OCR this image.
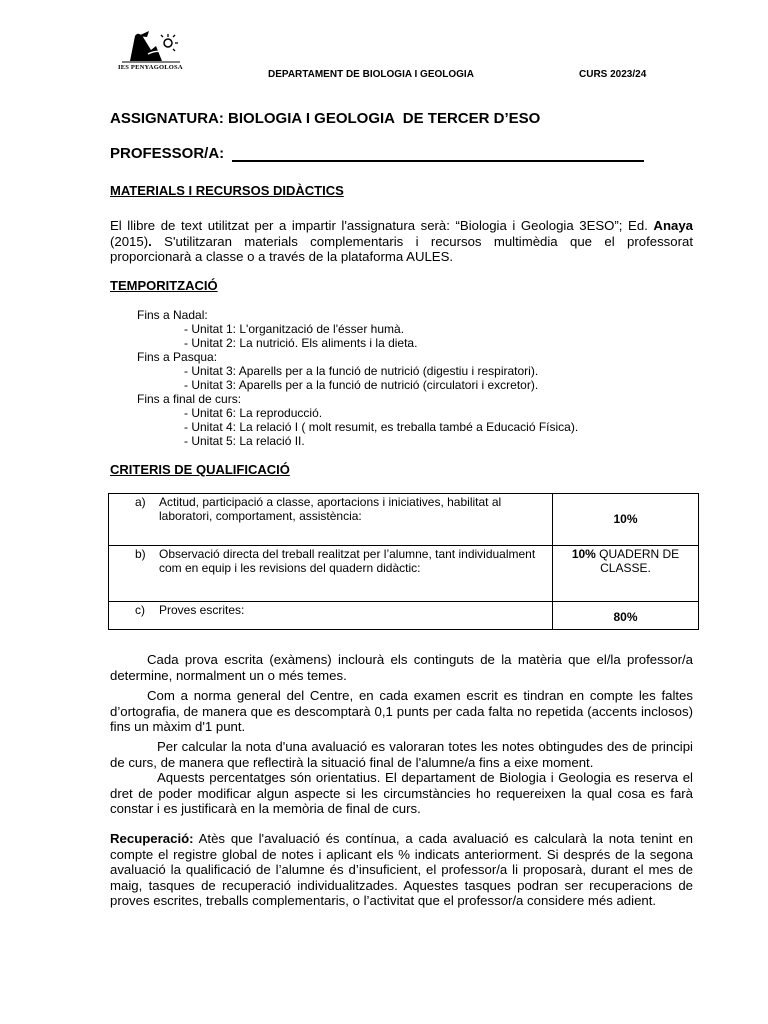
IES PENYAGOLOSA
DEPARTAMENT DE BIOLOGIA I GEOLOGIA	CURS 2023/24
ASSIGNATURA: BIOLOGIA I GEOLOGIA  DE TERCER D’ESO
PROFESSOR/A:
MATERIALS I RECURSOS DIDÀCTICS
El llibre de text utilitzat per a impartir l'assignatura serà: “Biologia i Geologia 3ESO”; Ed. Anaya (2015). S'utilitzaran materials complementaris i recursos multimèdia que el professorat proporcionarà a classe o a través de la plataforma AULES.
TEMPORITZACIÓ
Fins a Nadal:
- Unitat 1: L'organització de l'ésser humà.
- Unitat 2: La nutrició. Els aliments i la dieta.
Fins a Pasqua:
- Unitat 3: Aparells per a la funció de nutrició (digestiu i respiratori).
- Unitat 3: Aparells per a la funció de nutrició (circulatori i excretor).
Fins a final de curs:
- Unitat 6: La reproducció.
- Unitat 4: La relació I ( molt resumit, es treballa també a Educació Física).
- Unitat 5: La relació II.
CRITERIS DE QUALIFICACIÓ
a) Actitud, participació a classe, aportacions i iniciatives, habilitat al laboratori, comportament, assistència:	10%

b) Observació directa del treball realitzat per l’alumne, tant individualment com en equip i les revisions del quadern didàctic:	10% QUADERN DE CLASSE.

c) Proves escrites:	80%
Cada prova escrita (exàmens) inclourà els continguts de la matèria que el/la professor/a determine, normalment un o més temes.
Com a norma general del Centre, en cada examen escrit es tindran en compte les faltes d’ortografia, de manera que es descomptarà 0,1 punts per cada falta no repetida (accents inclosos) fins un màxim d'1 punt.
Per calcular la nota d'una avaluació es valoraran totes les notes obtingudes des de principi de curs, de manera que reflectirà la situació final de l'alumne/a fins a eixe moment.
Aquests percentatges són orientatius. El departament de Biologia i Geologia es reserva el dret de poder modificar algun aspecte si les circumstàncies ho requereixen la qual cosa es farà constar i es justificarà en la memòria de final de curs.
Recuperació: Atès que l'avaluació és contínua, a cada avaluació es calcularà la nota tenint en compte el registre global de notes i aplicant els % indicats anteriorment. Si després de la segona avaluació la qualificació de l’alumne és d’insuficient, el professor/a li proposarà, durant el mes de maig, tasques de recuperació individualitzades. Aquestes tasques podran ser recuperacions de proves escrites, treballs complementaris, o l’activitat que el professor/a considere més adient.
